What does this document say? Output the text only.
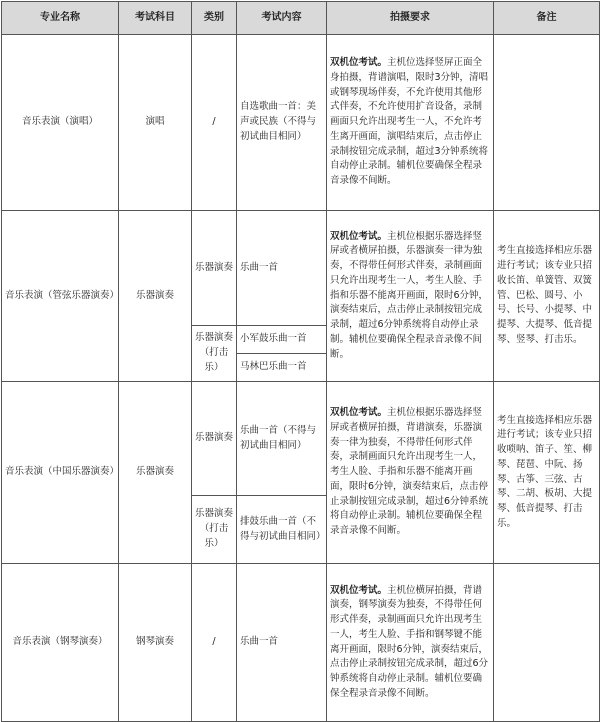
专业名称	考试科目	类别	考试内容	拍摄要求	备注
音乐表演（演唱）	演唱	/	自选歌曲一首：美声或民族（不得与初试曲目相同）	双机位考试。主机位选择竖屏正面全身拍摄，背谱演唱，限时3分钟，清唱或钢琴现场伴奏，不允许使用其他形式伴奏，不允许使用扩音设备，录制画面只允许出现考生一人，不允许考生离开画面，演唱结束后，点击停止录制按钮完成录制，超过3分钟系统将自动停止录制。辅机位要确保全程录音录像不间断。	
音乐表演（管弦乐器演奏）	乐器演奏	乐器演奏	乐曲一首	双机位考试。主机位根据乐器选择竖屏或者横屏拍摄，乐器演奏一律为独奏，不得带任何形式伴奏，录制画面只允许出现考生一人，考生人脸、手指和乐器不能离开画面，限时6分钟，演奏结束后，点击停止录制按钮完成录制，超过6分钟系统将自动停止录制。辅机位要确保全程录音录像不间断。	考生直接选择相应乐器进行考试；该专业只招收长笛、单簧管、双簧管、巴松、圆号、小号、长号、小提琴、中提琴、大提琴、低音提琴、竖琴、打击乐。
		乐器演奏（打击乐）	小军鼓乐曲一首		
			马林巴乐曲一首		
音乐表演（中国乐器演奏）	乐器演奏	乐器演奏	乐曲一首（不得与初试曲目相同）	双机位考试。主机位根据乐器选择竖屏或者横屏拍摄，背谱演奏，乐器演奏一律为独奏，不得带任何形式伴奏，录制画面只允许出现考生一人，考生人脸、手指和乐器不能离开画面，限时6分钟，演奏结束后，点击停止录制按钮完成录制，超过6分钟系统将自动停止录制。辅机位要确保全程录音录像不间断。	考生直接选择相应乐器进行考试；该专业只招收唢呐、笛子、笙、柳琴、琵琶、中阮、扬琴、古筝、三弦、古琴、二胡、板胡、大提琴、低音提琴、打击乐。
		乐器演奏（打击乐）	排鼓乐曲一首（不得与初试曲目相同）		
音乐表演（钢琴演奏）	钢琴演奏	/	乐曲一首	双机位考试。主机位横屏拍摄，背谱演奏，钢琴演奏为独奏，不得带任何形式伴奏，录制画面只允许出现考生一人，考生人脸、手指和钢琴键不能离开画面，限时6分钟，演奏结束后，点击停止录制按钮完成录制，超过6分钟系统将自动停止录制。辅机位要确保全程录音录像不间断。	
